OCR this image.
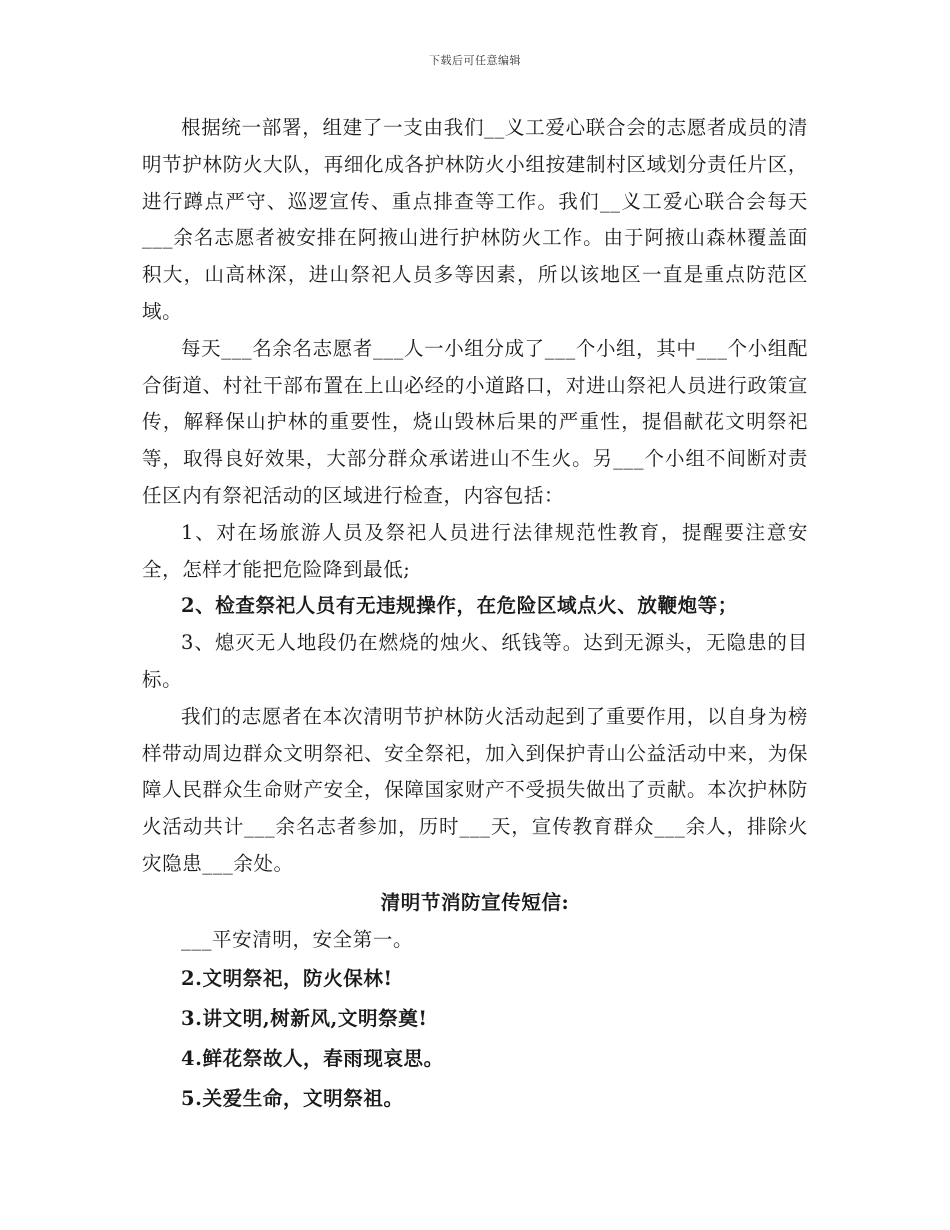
下载后可任意编辑

根据统一部署，组建了一支由我们__义工爱心联合会的志愿者成员的清明节护林防火大队，再细化成各护林防火小组按建制村区域划分责任片区，进行蹲点严守、巡逻宣传、重点排查等工作。我们__义工爱心联合会每天___余名志愿者被安排在阿掖山进行护林防火工作。由于阿掖山森林覆盖面积大，山高林深，进山祭祀人员多等因素，所以该地区一直是重点防范区域。

每天___名余名志愿者___人一小组分成了___个小组，其中___个小组配合街道、村社干部布置在上山必经的小道路口，对进山祭祀人员进行政策宣传，解释保山护林的重要性，烧山毁林后果的严重性，提倡献花文明祭祀等，取得良好效果，大部分群众承诺进山不生火。另___个小组不间断对责任区内有祭祀活动的区域进行检查，内容包括：

1、对在场旅游人员及祭祀人员进行法律规范性教育，提醒要注意安全，怎样才能把危险降到最低;

2、检查祭祀人员有无违规操作，在危险区域点火、放鞭炮等；

3、熄灭无人地段仍在燃烧的烛火、纸钱等。达到无源头，无隐患的目标。

我们的志愿者在本次清明节护林防火活动起到了重要作用，以自身为榜样带动周边群众文明祭祀、安全祭祀，加入到保护青山公益活动中来，为保障人民群众生命财产安全，保障国家财产不受损失做出了贡献。本次护林防火活动共计___余名志者参加，历时___天，宣传教育群众___余人，排除火灾隐患___余处。

清明节消防宣传短信:

___平安清明，安全第一。

2.文明祭祀，防火保林!

3.讲文明,树新风,文明祭奠!

4.鲜花祭故人，春雨现哀思。

5.关爱生命，文明祭祖。
